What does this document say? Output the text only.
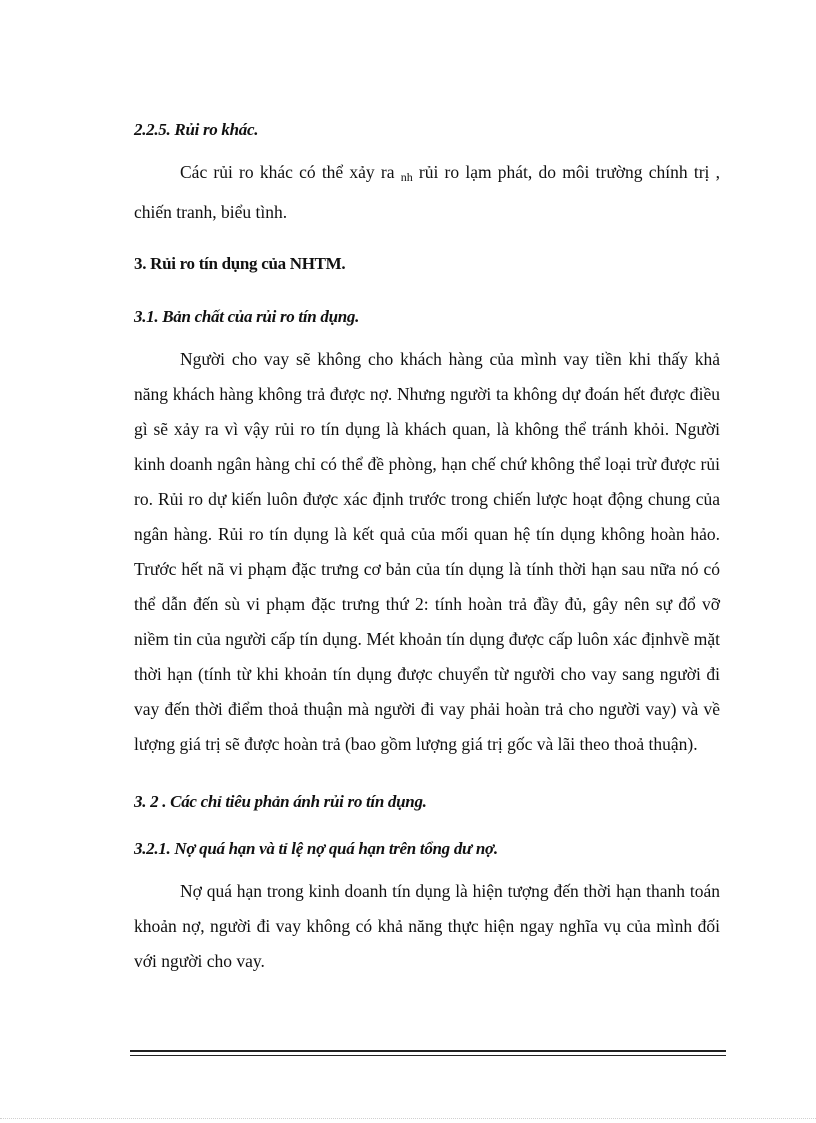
2.2.5. Rủi ro khác.

Các rủi ro khác có thể xảy ra nh rủi ro lạm phát, do môi trường chính trị , chiến tranh, biểu tình.

3. Rủi ro tín dụng của NHTM.

3.1. Bản chất của rủi ro tín dụng.

Người cho vay sẽ không cho khách hàng của mình vay tiền khi thấy khả năng khách hàng không trả được nợ. Nhưng người ta không dự đoán hết được điều gì sẽ xảy ra vì vậy rủi ro tín dụng là khách quan, là không thể tránh khỏi. Người kinh doanh ngân hàng chỉ có thể đề phòng, hạn chế chứ không thể loại trừ được rủi ro. Rủi ro dự kiến luôn được xác định trước trong chiến lược hoạt động chung của ngân hàng. Rủi ro tín dụng là kết quả của mối quan hệ tín dụng không hoàn hảo. Trước hết nã vi phạm đặc trưng cơ bản của tín dụng là tính thời hạn sau nữa nó có thể dẫn đến sù vi phạm đặc trưng thứ 2: tính hoàn trả đầy đủ, gây nên sự đổ vỡ niềm tin của người cấp tín dụng. Mét khoản tín dụng được cấp luôn xác địnhvề mặt thời hạn (tính từ khi khoản tín dụng được chuyển từ người cho vay sang người đi vay đến thời điểm thoả thuận mà người đi vay phải hoàn trả cho người vay) và về lượng giá trị sẽ được hoàn trả (bao gồm lượng giá trị gốc và lãi theo thoả thuận).

3. 2 . Các chỉ tiêu phản ánh rủi ro tín dụng.

3.2.1. Nợ quá hạn và tỉ lệ nợ quá hạn trên tổng dư nợ.

Nợ quá hạn trong kinh doanh tín dụng là hiện tượng đến thời hạn thanh toán khoản nợ, người đi vay không có khả năng thực hiện ngay nghĩa vụ của mình đối với người cho vay.
